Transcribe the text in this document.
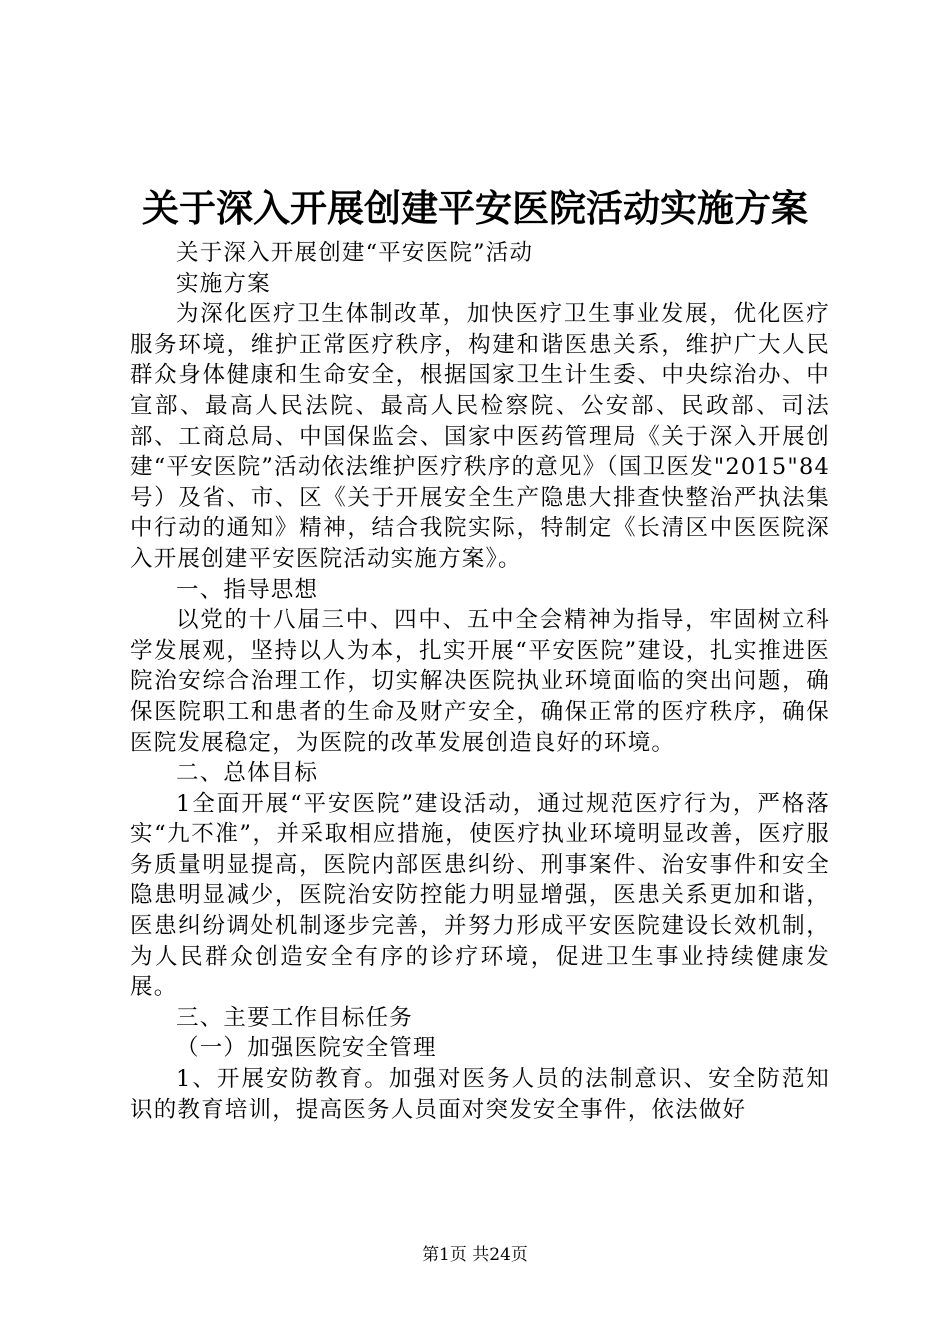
关于深入开展创建平安医院活动实施方案

关于深入开展创建“平安医院”活动

实施方案

为深化医疗卫生体制改革，加快医疗卫生事业发展，优化医疗服务环境，维护正常医疗秩序，构建和谐医患关系，维护广大人民群众身体健康和生命安全，根据国家卫生计生委、中央综治办、中宣部、最高人民法院、最高人民检察院、公安部、民政部、司法部、工商总局、中国保监会、国家中医药管理局《关于深入开展创建“平安医院”活动依法维护医疗秩序的意见》（国卫医发"2015"84号）及省、市、区《关于开展安全生产隐患大排查快整治严执法集中行动的通知》精神，结合我院实际，特制定《长清区中医医院深入开展创建平安医院活动实施方案》。

一、指导思想

以党的十八届三中、四中、五中全会精神为指导，牢固树立科学发展观，坚持以人为本，扎实开展“平安医院”建设，扎实推进医院治安综合治理工作，切实解决医院执业环境面临的突出问题，确保医院职工和患者的生命及财产安全，确保正常的医疗秩序，确保医院发展稳定，为医院的改革发展创造良好的环境。

二、总体目标

1全面开展“平安医院”建设活动，通过规范医疗行为，严格落实“九不准”，并采取相应措施，使医疗执业环境明显改善，医疗服务质量明显提高，医院内部医患纠纷、刑事案件、治安事件和安全隐患明显减少，医院治安防控能力明显增强，医患关系更加和谐，医患纠纷调处机制逐步完善，并努力形成平安医院建设长效机制，为人民群众创造安全有序的诊疗环境，促进卫生事业持续健康发展。

三、主要工作目标任务

（一）加强医院安全管理

1、开展安防教育。加强对医务人员的法制意识、安全防范知识的教育培训，提高医务人员面对突发安全事件，依法做好

第1页 共24页
